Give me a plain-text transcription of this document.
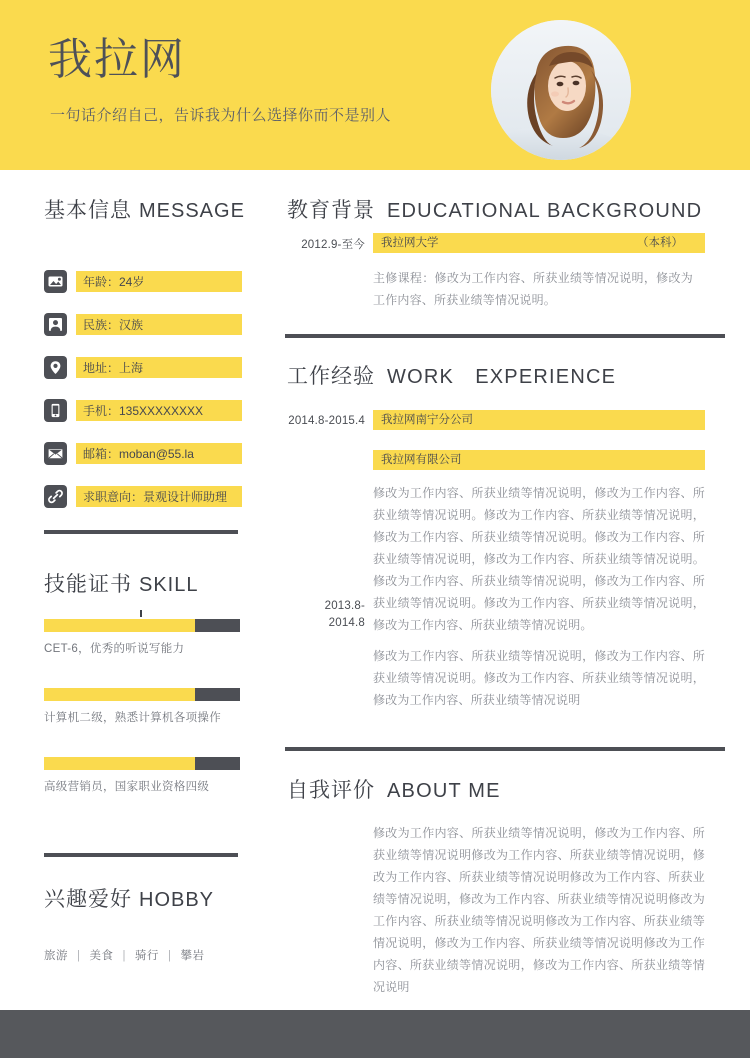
我拉网

一句话介绍自己，告诉我为什么选择你而不是别人

基本信息 MESSAGE
年龄：24岁
民族：汉族
地址：上海
手机：135XXXXXXXX
邮箱：moban@55.la
求职意向：景观设计师助理
技能证书 SKILL
CET-6，优秀的听说写能力
计算机二级，熟悉计算机各项操作
高级营销员，国家职业资格四级
兴趣爱好 HOBBY
旅游 | 美食 | 骑行 | 攀岩
教育背景 EDUCATIONAL BACKGROUND
2012.9-至今 我拉网大学	（本科）
主修课程：修改为工作内容、所获业绩等情况说明，修改为工作内容、所获业绩等情况说明。
工作经验 WORK　EXPERIENCE
2014.8-2015.4 我拉网南宁分公司
我拉网有限公司
修改为工作内容、所获业绩等情况说明，修改为工作内容、所获业绩等情况说明。修改为工作内容、所获业绩等情况说明，修改为工作内容、所获业绩等情况说明。修改为工作内容、所获业绩等情况说明，修改为工作内容、所获业绩等情况说明。修改为工作内容、所获业绩等情况说明，修改为工作内容、所获业绩等情况说明。修改为工作内容、所获业绩等情况说明，修改为工作内容、所获业绩等情况说明。
2013.8-
2014.8
修改为工作内容、所获业绩等情况说明，修改为工作内容、所获业绩等情况说明。修改为工作内容、所获业绩等情况说明，修改为工作内容、所获业绩等情况说明
自我评价 ABOUT ME
修改为工作内容、所获业绩等情况说明，修改为工作内容、所获业绩等情况说明修改为工作内容、所获业绩等情况说明，修改为工作内容、所获业绩等情况说明修改为工作内容、所获业绩等情况说明，修改为工作内容、所获业绩等情况说明修改为工作内容、所获业绩等情况说明修改为工作内容、所获业绩等情况说明，修改为工作内容、所获业绩等情况说明修改为工作内容、所获业绩等情况说明，修改为工作内容、所获业绩等情况说明
